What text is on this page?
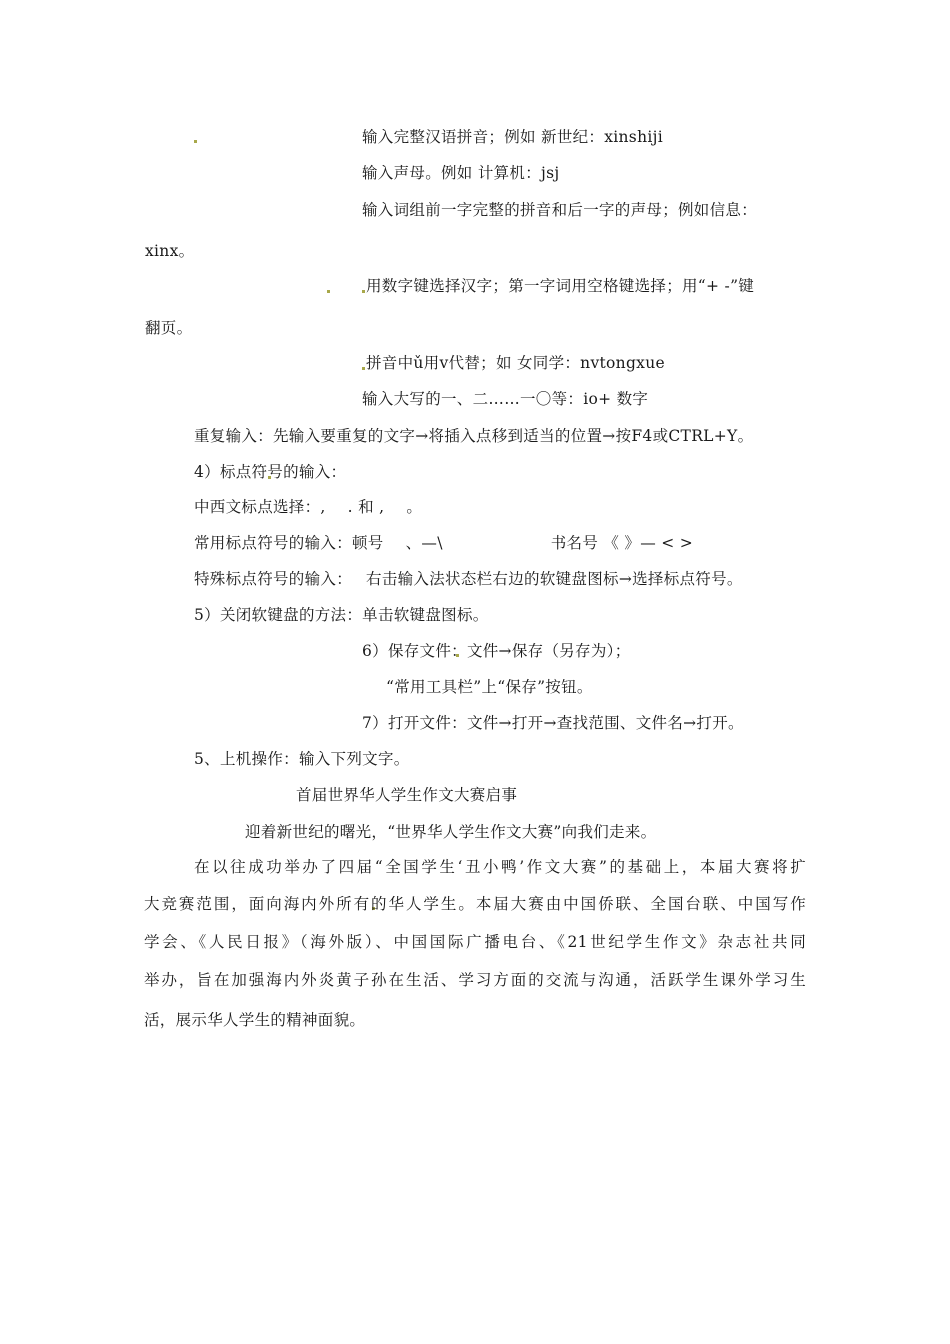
输入完整汉语拼音；例如 新世纪：xinshiji
输入声母。例如 计算机：jsj
输入词组前一字完整的拼音和后一字的声母；例如信息：
xinx。
用数字键选择汉字；第一字词用空格键选择；用“+ -”键
翻页。
拼音中ǔ用v代替；如 女同学：nvtongxue
输入大写的一、二……一〇等：io+ 数字
重复输入：先输入要重复的文字→将插入点移到适当的位置→按F4或CTRL+Y。
4）标点符号的输入：
中西文标点选择：, . 和 , 。
常用标点符号的输入：顿号 、—\	书名号 《 》— < >
特殊标点符号的输入： 右击输入法状态栏右边的软键盘图标→选择标点符号。
5）关闭软键盘的方法：单击软键盘图标。
6）保存文件：文件→保存（另存为）；
“常用工具栏”上“保存”按钮。
7）打开文件：文件→打开→查找范围、文件名→打开。
5、上机操作：输入下列文字。
首届世界华人学生作文大赛启事
迎着新世纪的曙光，“世界华人学生作文大赛”向我们走来。
在以往成功举办了四届“全国学生‘丑小鸭’作文大赛”的基础上，本届大赛将扩
大竞赛范围，面向海内外所有的华人学生。本届大赛由中国侨联、全国台联、中国写作
学会、《人民日报》（海外版）、中国国际广播电台、《21世纪学生作文》杂志社共同
举办，旨在加强海内外炎黄子孙在生活、学习方面的交流与沟通，活跃学生课外学习生
活，展示华人学生的精神面貌。
